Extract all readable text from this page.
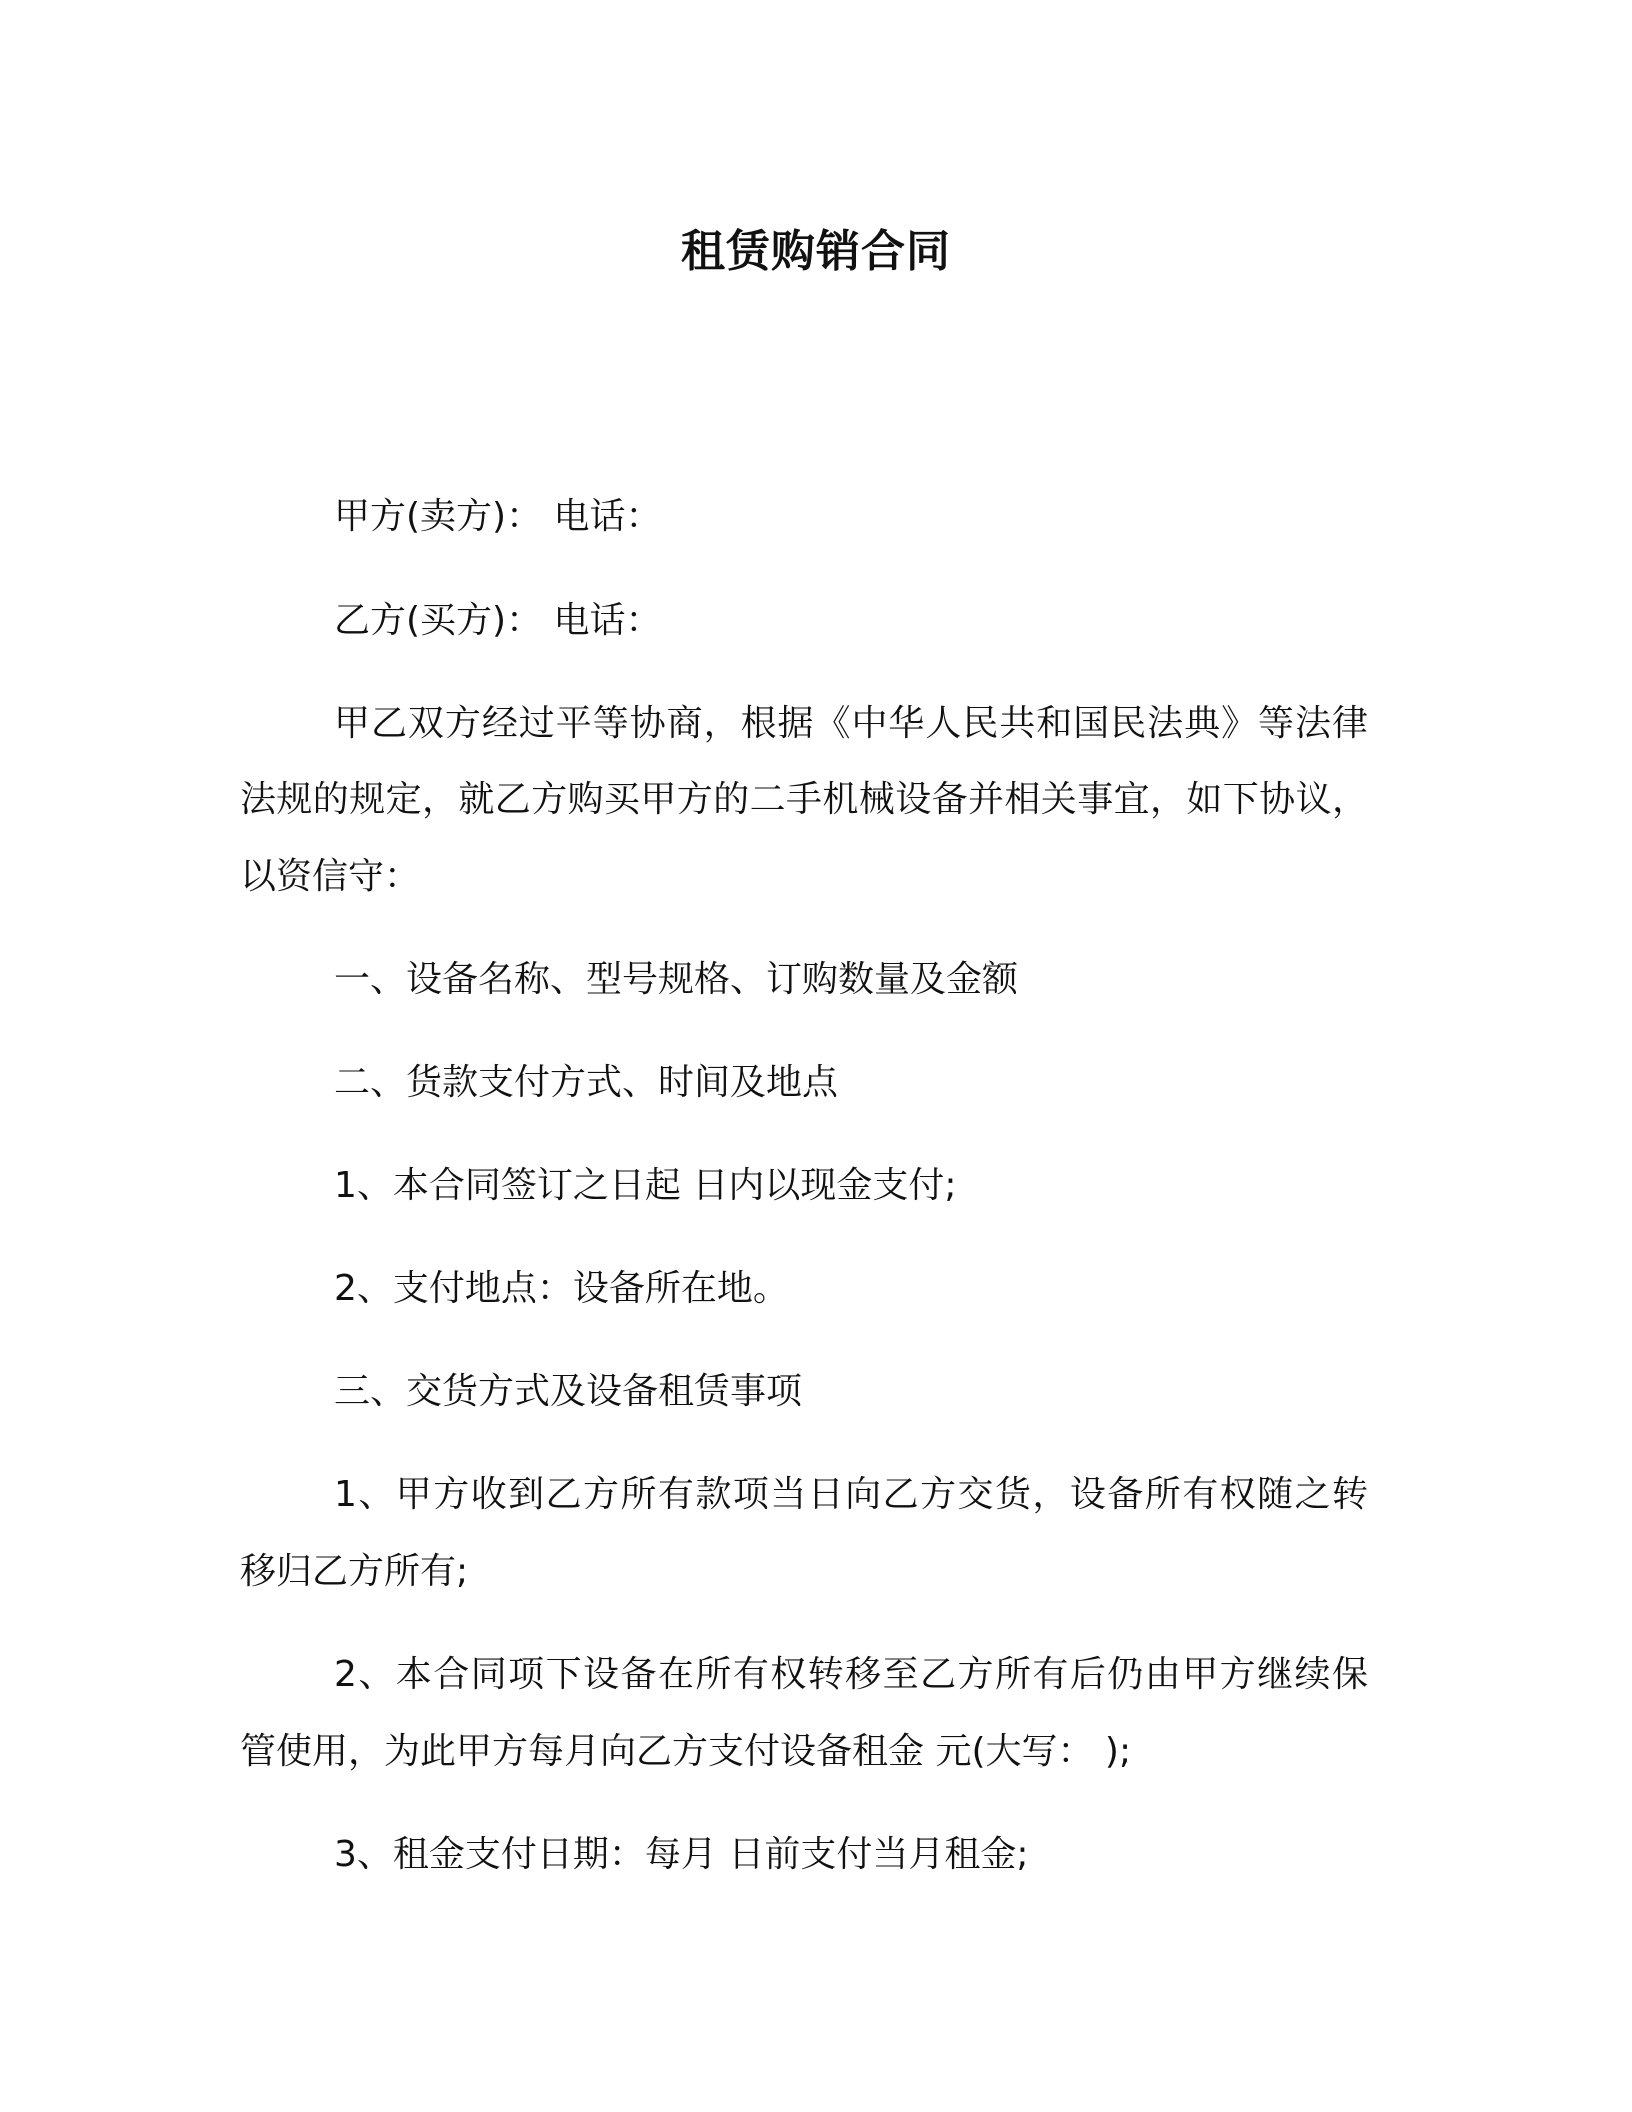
租赁购销合同
甲方(卖方)： 电话：
乙方(买方)： 电话：
甲乙双方经过平等协商，根据《中华人民共和国民法典》等法律
法规的规定，就乙方购买甲方的二手机械设备并相关事宜，如下协议，
以资信守：
一、设备名称、型号规格、订购数量及金额
二、货款支付方式、时间及地点
1、本合同签订之日起 日内以现金支付;
2、支付地点：设备所在地。
三、交货方式及设备租赁事项
1、甲方收到乙方所有款项当日向乙方交货，设备所有权随之转
移归乙方所有;
2、本合同项下设备在所有权转移至乙方所有后仍由甲方继续保
管使用，为此甲方每月向乙方支付设备租金 元(大写： );
3、租金支付日期：每月 日前支付当月租金;
